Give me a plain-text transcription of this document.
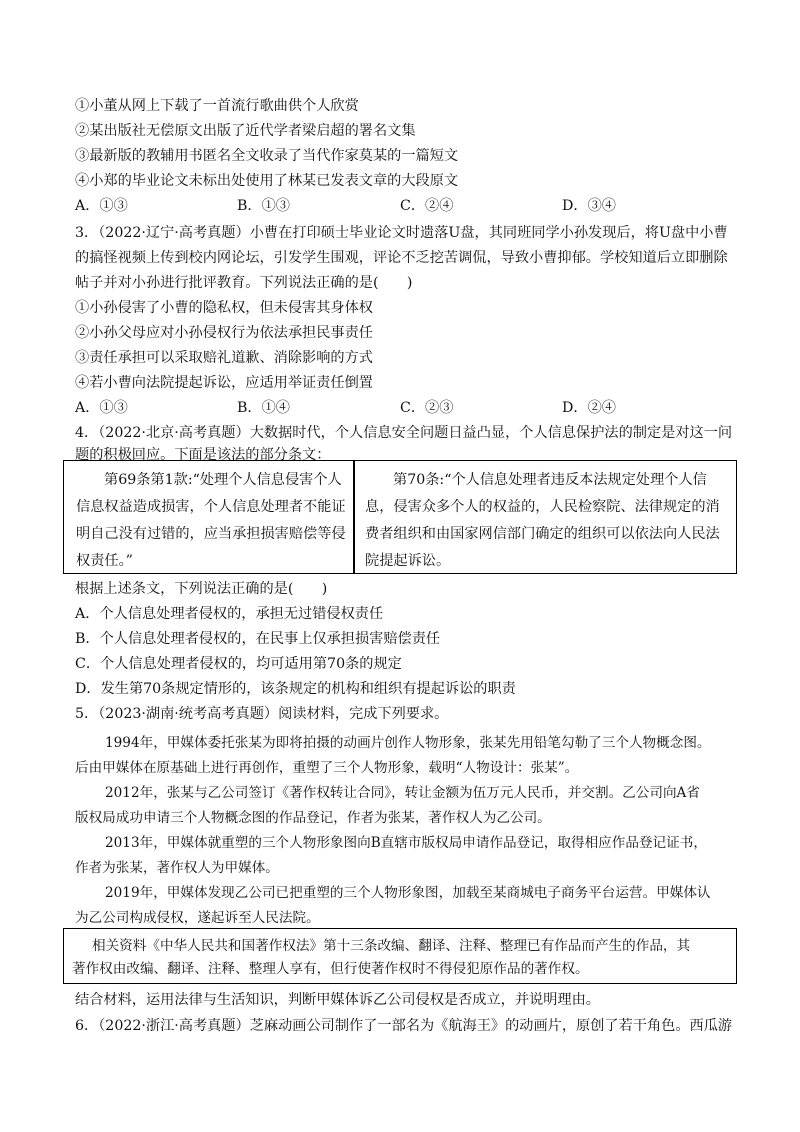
①小董从网上下载了一首流行歌曲供个人欣赏
②某出版社无偿原文出版了近代学者梁启超的署名文集
③最新版的教辅用书匿名全文收录了当代作家莫某的一篇短文
④小郑的毕业论文未标出处使用了林某已发表文章的大段原文
A．①③	B．①③	C．②④	D．③④
3．（2022·辽宁·高考真题）小曹在打印硕士毕业论文时遗落U盘，其同班同学小孙发现后，将U盘中小曹
的搞怪视频上传到校内网论坛，引发学生围观，评论不乏挖苦调侃，导致小曹抑郁。学校知道后立即删除
帖子并对小孙进行批评教育。下列说法正确的是(　　)
①小孙侵害了小曹的隐私权，但未侵害其身体权
②小孙父母应对小孙侵权行为依法承担民事责任
③责任承担可以采取赔礼道歉、消除影响的方式
④若小曹向法院提起诉讼，应适用举证责任倒置
A．①③	B．①④	C．②③	D．②④
4．（2022·北京·高考真题）大数据时代，个人信息安全问题日益凸显，个人信息保护法的制定是对这一问
题的积极回应。下面是该法的部分条文：

第69条第1款:“处理个人信息侵害个人

信息权益造成损害，个人信息处理者不能证

明自己没有过错的，应当承担损害赔偿等侵

权责任。”

第70条:“个人信息处理者违反本法规定处理个人信

息，侵害众多个人的权益的，人民检察院、法律规定的消

费者组织和由国家网信部门确定的组织可以依法向人民法

院提起诉讼。

根据上述条文，下列说法正确的是(　　)
A．个人信息处理者侵权的，承担无过错侵权责任
B．个人信息处理者侵权的，在民事上仅承担损害赔偿责任
C．个人信息处理者侵权的，均可适用第70条的规定
D．发生第70条规定情形的，该条规定的机构和组织有提起诉讼的职责
5．（2023·湖南·统考高考真题）阅读材料，完成下列要求。
1994年，甲媒体委托张某为即将拍摄的动画片创作人物形象，张某先用铅笔勾勒了三个人物概念图。
后由甲媒体在原基础上进行再创作，重塑了三个人物形象，载明“人物设计：张某”。
2012年，张某与乙公司签订《著作权转让合同》，转让金额为伍万元人民币，并交割。乙公司向A省
版权局成功申请三个人物概念图的作品登记，作者为张某，著作权人为乙公司。
2013年，甲媒体就重塑的三个人物形象图向B直辖市版权局申请作品登记，取得相应作品登记证书，
作者为张某，著作权人为甲媒体。
2019年，甲媒体发现乙公司已把重塑的三个人物形象图，加载至某商城电子商务平台运营。甲媒体认
为乙公司构成侵权，遂起诉至人民法院。

相关资料《中华人民共和国著作权法》第十三条改编、翻译、注释、整理已有作品而产生的作品，其

著作权由改编、翻译、注释、整理人享有，但行使著作权时不得侵犯原作品的著作权。

结合材料，运用法律与生活知识，判断甲媒体诉乙公司侵权是否成立，并说明理由。
6．（2022·浙江·高考真题）芝麻动画公司制作了一部名为《航海王》的动画片，原创了若干角色。西瓜游
